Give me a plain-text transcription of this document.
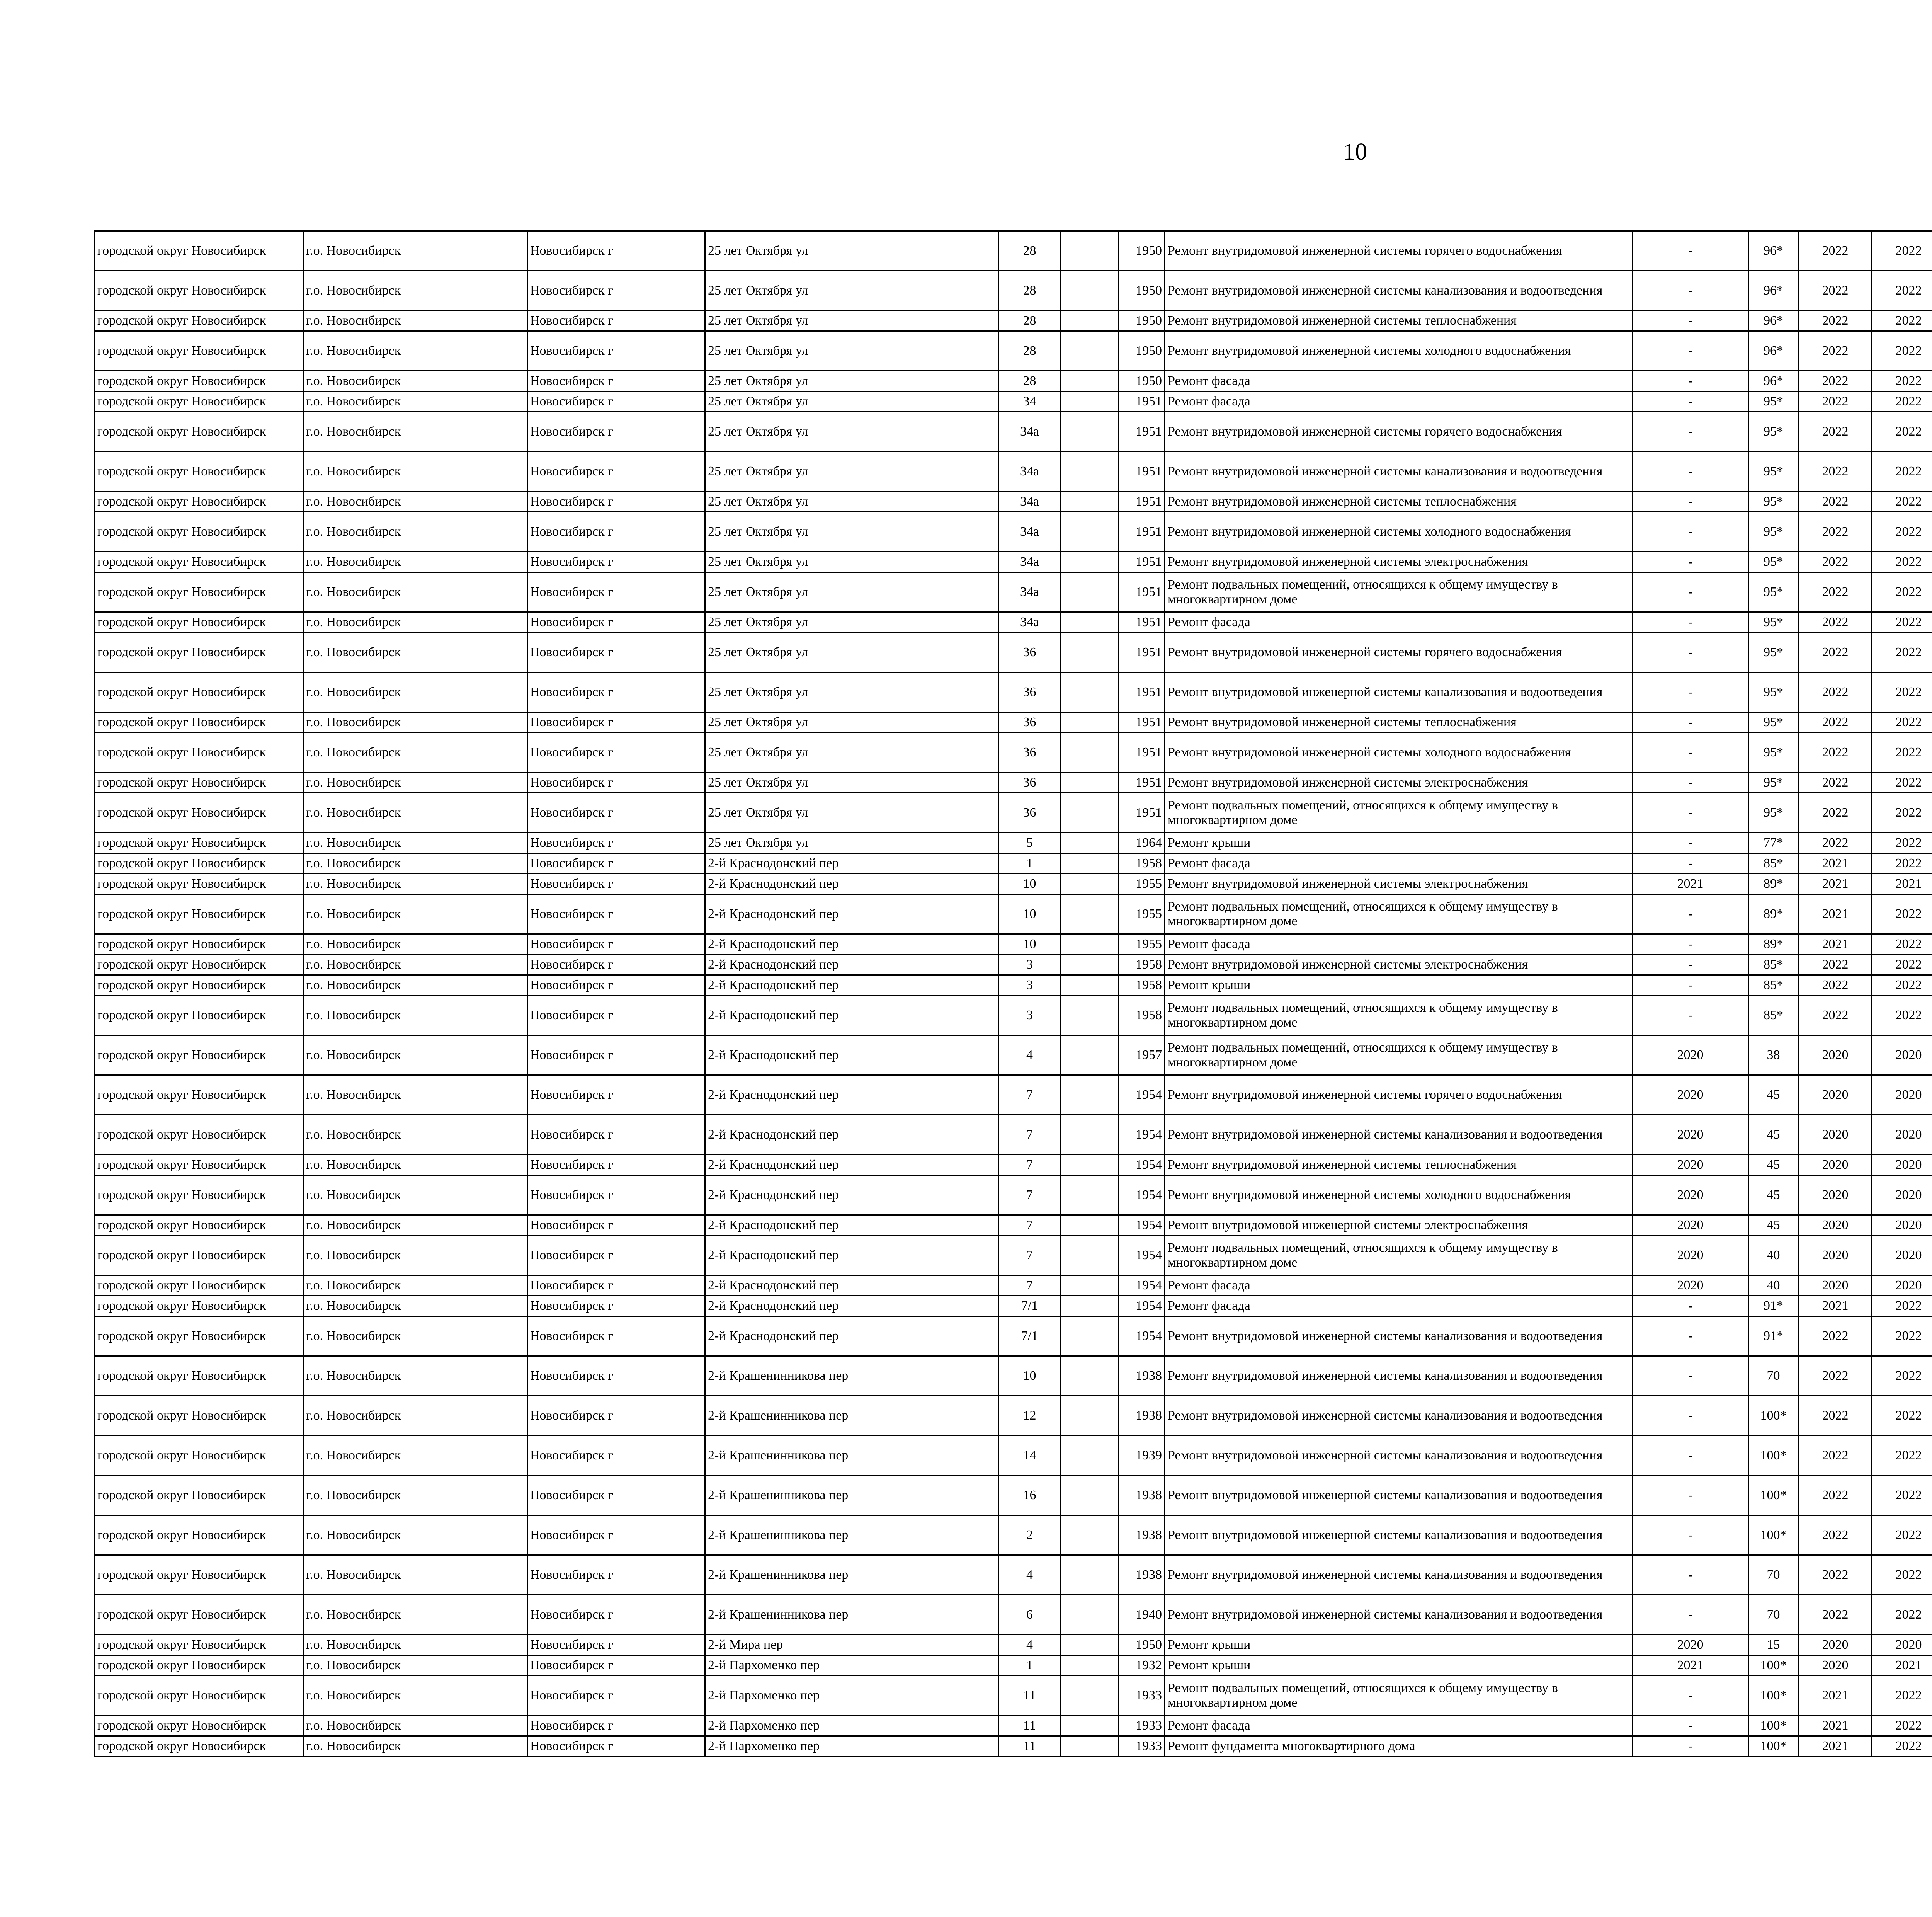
10
городской округ Новосибирск	г.о. Новосибирск	Новосибирск г	25 лет Октября ул	28		1950	Ремонт внутридомовой инженерной системы горячего водоснабжения	-	96*	2022	2022						
городской округ Новосибирск	г.о. Новосибирск	Новосибирск г	25 лет Октября ул	28		1950	Ремонт внутридомовой инженерной системы канализования и водоотведения	-	96*	2022	2022						
городской округ Новосибирск	г.о. Новосибирск	Новосибирск г	25 лет Октября ул	28		1950	Ремонт внутридомовой инженерной системы теплоснабжения	-	96*	2022	2022						
городской округ Новосибирск	г.о. Новосибирск	Новосибирск г	25 лет Октября ул	28		1950	Ремонт внутридомовой инженерной системы холодного водоснабжения	-	96*	2022	2022						
городской округ Новосибирск	г.о. Новосибирск	Новосибирск г	25 лет Октября ул	28		1950	Ремонт фасада	-	96*	2022	2022						
городской округ Новосибирск	г.о. Новосибирск	Новосибирск г	25 лет Октября ул	34		1951	Ремонт фасада	-	95*	2022	2022						
городской округ Новосибирск	г.о. Новосибирск	Новосибирск г	25 лет Октября ул	34а		1951	Ремонт внутридомовой инженерной системы горячего водоснабжения	-	95*	2022	2022						
городской округ Новосибирск	г.о. Новосибирск	Новосибирск г	25 лет Октября ул	34а		1951	Ремонт внутридомовой инженерной системы канализования и водоотведения	-	95*	2022	2022						
городской округ Новосибирск	г.о. Новосибирск	Новосибирск г	25 лет Октября ул	34а		1951	Ремонт внутридомовой инженерной системы теплоснабжения	-	95*	2022	2022						
городской округ Новосибирск	г.о. Новосибирск	Новосибирск г	25 лет Октября ул	34а		1951	Ремонт внутридомовой инженерной системы холодного водоснабжения	-	95*	2022	2022						
городской округ Новосибирск	г.о. Новосибирск	Новосибирск г	25 лет Октября ул	34а		1951	Ремонт внутридомовой инженерной системы электроснабжения	-	95*	2022	2022						
городской округ Новосибирск	г.о. Новосибирск	Новосибирск г	25 лет Октября ул	34а		1951	Ремонт подвальных помещений, относящихся к общему имуществу в многоквартирном доме	-	95*	2022	2022						
городской округ Новосибирск	г.о. Новосибирск	Новосибирск г	25 лет Октября ул	34а		1951	Ремонт фасада	-	95*	2022	2022						
городской округ Новосибирск	г.о. Новосибирск	Новосибирск г	25 лет Октября ул	36		1951	Ремонт внутридомовой инженерной системы горячего водоснабжения	-	95*	2022	2022						
городской округ Новосибирск	г.о. Новосибирск	Новосибирск г	25 лет Октября ул	36		1951	Ремонт внутридомовой инженерной системы канализования и водоотведения	-	95*	2022	2022						
городской округ Новосибирск	г.о. Новосибирск	Новосибирск г	25 лет Октября ул	36		1951	Ремонт внутридомовой инженерной системы теплоснабжения	-	95*	2022	2022						
городской округ Новосибирск	г.о. Новосибирск	Новосибирск г	25 лет Октября ул	36		1951	Ремонт внутридомовой инженерной системы холодного водоснабжения	-	95*	2022	2022						
городской округ Новосибирск	г.о. Новосибирск	Новосибирск г	25 лет Октября ул	36		1951	Ремонт внутридомовой инженерной системы электроснабжения	-	95*	2022	2022						
городской округ Новосибирск	г.о. Новосибирск	Новосибирск г	25 лет Октября ул	36		1951	Ремонт подвальных помещений, относящихся к общему имуществу в многоквартирном доме	-	95*	2022	2022						
городской округ Новосибирск	г.о. Новосибирск	Новосибирск г	25 лет Октября ул	5		1964	Ремонт крыши	-	77*	2022	2022						
городской округ Новосибирск	г.о. Новосибирск	Новосибирск г	2-й Краснодонский пер	1		1958	Ремонт фасада	-	85*	2021	2022						
городской округ Новосибирск	г.о. Новосибирск	Новосибирск г	2-й Краснодонский пер	10		1955	Ремонт внутридомовой инженерной системы электроснабжения	2021	89*	2021	2021						
городской округ Новосибирск	г.о. Новосибирск	Новосибирск г	2-й Краснодонский пер	10		1955	Ремонт подвальных помещений, относящихся к общему имуществу в многоквартирном доме	-	89*	2021	2022						
городской округ Новосибирск	г.о. Новосибирск	Новосибирск г	2-й Краснодонский пер	10		1955	Ремонт фасада	-	89*	2021	2022						
городской округ Новосибирск	г.о. Новосибирск	Новосибирск г	2-й Краснодонский пер	3		1958	Ремонт внутридомовой инженерной системы электроснабжения	-	85*	2022	2022						
городской округ Новосибирск	г.о. Новосибирск	Новосибирск г	2-й Краснодонский пер	3		1958	Ремонт крыши	-	85*	2022	2022						
городской округ Новосибирск	г.о. Новосибирск	Новосибирск г	2-й Краснодонский пер	3		1958	Ремонт подвальных помещений, относящихся к общему имуществу в многоквартирном доме	-	85*	2022	2022						
городской округ Новосибирск	г.о. Новосибирск	Новосибирск г	2-й Краснодонский пер	4		1957	Ремонт подвальных помещений, относящихся к общему имуществу в многоквартирном доме	2020	38	2020	2020						
городской округ Новосибирск	г.о. Новосибирск	Новосибирск г	2-й Краснодонский пер	7		1954	Ремонт внутридомовой инженерной системы горячего водоснабжения	2020	45	2020	2020						
городской округ Новосибирск	г.о. Новосибирск	Новосибирск г	2-й Краснодонский пер	7		1954	Ремонт внутридомовой инженерной системы канализования и водоотведения	2020	45	2020	2020						
городской округ Новосибирск	г.о. Новосибирск	Новосибирск г	2-й Краснодонский пер	7		1954	Ремонт внутридомовой инженерной системы теплоснабжения	2020	45	2020	2020						
городской округ Новосибирск	г.о. Новосибирск	Новосибирск г	2-й Краснодонский пер	7		1954	Ремонт внутридомовой инженерной системы холодного водоснабжения	2020	45	2020	2020						
городской округ Новосибирск	г.о. Новосибирск	Новосибирск г	2-й Краснодонский пер	7		1954	Ремонт внутридомовой инженерной системы электроснабжения	2020	45	2020	2020						
городской округ Новосибирск	г.о. Новосибирск	Новосибирск г	2-й Краснодонский пер	7		1954	Ремонт подвальных помещений, относящихся к общему имуществу в многоквартирном доме	2020	40	2020	2020						
городской округ Новосибирск	г.о. Новосибирск	Новосибирск г	2-й Краснодонский пер	7		1954	Ремонт фасада	2020	40	2020	2020						
городской округ Новосибирск	г.о. Новосибирск	Новосибирск г	2-й Краснодонский пер	7/1		1954	Ремонт фасада	-	91*	2021	2022						
городской округ Новосибирск	г.о. Новосибирск	Новосибирск г	2-й Краснодонский пер	7/1		1954	Ремонт внутридомовой инженерной системы канализования и водоотведения	-	91*	2022	2022						
городской округ Новосибирск	г.о. Новосибирск	Новосибирск г	2-й Крашенинникова пер	10		1938	Ремонт внутридомовой инженерной системы канализования и водоотведения	-	70	2022	2022						
городской округ Новосибирск	г.о. Новосибирск	Новосибирск г	2-й Крашенинникова пер	12		1938	Ремонт внутридомовой инженерной системы канализования и водоотведения	-	100*	2022	2022						
городской округ Новосибирск	г.о. Новосибирск	Новосибирск г	2-й Крашенинникова пер	14		1939	Ремонт внутридомовой инженерной системы канализования и водоотведения	-	100*	2022	2022						
городской округ Новосибирск	г.о. Новосибирск	Новосибирск г	2-й Крашенинникова пер	16		1938	Ремонт внутридомовой инженерной системы канализования и водоотведения	-	100*	2022	2022						
городской округ Новосибирск	г.о. Новосибирск	Новосибирск г	2-й Крашенинникова пер	2		1938	Ремонт внутридомовой инженерной системы канализования и водоотведения	-	100*	2022	2022						
городской округ Новосибирск	г.о. Новосибирск	Новосибирск г	2-й Крашенинникова пер	4		1938	Ремонт внутридомовой инженерной системы канализования и водоотведения	-	70	2022	2022						
городской округ Новосибирск	г.о. Новосибирск	Новосибирск г	2-й Крашенинникова пер	6		1940	Ремонт внутридомовой инженерной системы канализования и водоотведения	-	70	2022	2022						
городской округ Новосибирск	г.о. Новосибирск	Новосибирск г	2-й Мира пер	4		1950	Ремонт крыши	2020	15	2020	2020						
городской округ Новосибирск	г.о. Новосибирск	Новосибирск г	2-й Пархоменко пер	1		1932	Ремонт крыши	2021	100*	2020	2021						
городской округ Новосибирск	г.о. Новосибирск	Новосибирск г	2-й Пархоменко пер	11		1933	Ремонт подвальных помещений, относящихся к общему имуществу в многоквартирном доме	-	100*	2021	2022						
городской округ Новосибирск	г.о. Новосибирск	Новосибирск г	2-й Пархоменко пер	11		1933	Ремонт фасада	-	100*	2021	2022						
городской округ Новосибирск	г.о. Новосибирск	Новосибирск г	2-й Пархоменко пер	11		1933	Ремонт фундамента многоквартирного дома	-	100*	2021	2022						
